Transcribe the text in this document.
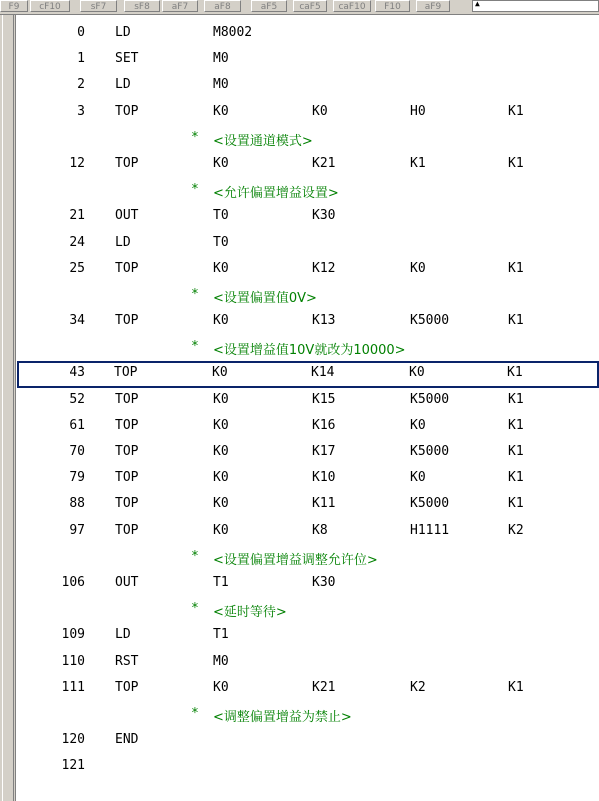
F9	cF10	sF7	sF8	aF7	aF8	aF5	caF5	caF10	F10	aF9	▲
0 LD	M8002
1 SET	M0
2 LD	M0
3 TOP	K0	K0	H0	K1
* <设置通道模式>
12 TOP	K0	K21	K1	K1
* <允许偏置增益设置>
21 OUT	T0	K30
24 LD	T0
25 TOP	K0	K12	K0	K1
* <设置偏置值0V>
34 TOP	K0	K13	K5000	K1
* <设置增益值10V就改为10000>
43 TOP	K0	K14	K0	K1
52 TOP	K0	K15	K5000	K1
61 TOP	K0	K16	K0	K1
70 TOP	K0	K17	K5000	K1
79 TOP	K0	K10	K0	K1
88 TOP	K0	K11	K5000	K1
97 TOP	K0	K8	H1111	K2
* <设置偏置增益调整允许位>
106 OUT	T1	K30
* <延时等待>
109 LD	T1
110 RST	M0
111 TOP	K0	K21	K2	K1
* <调整偏置增益为禁止>
120 END
121
